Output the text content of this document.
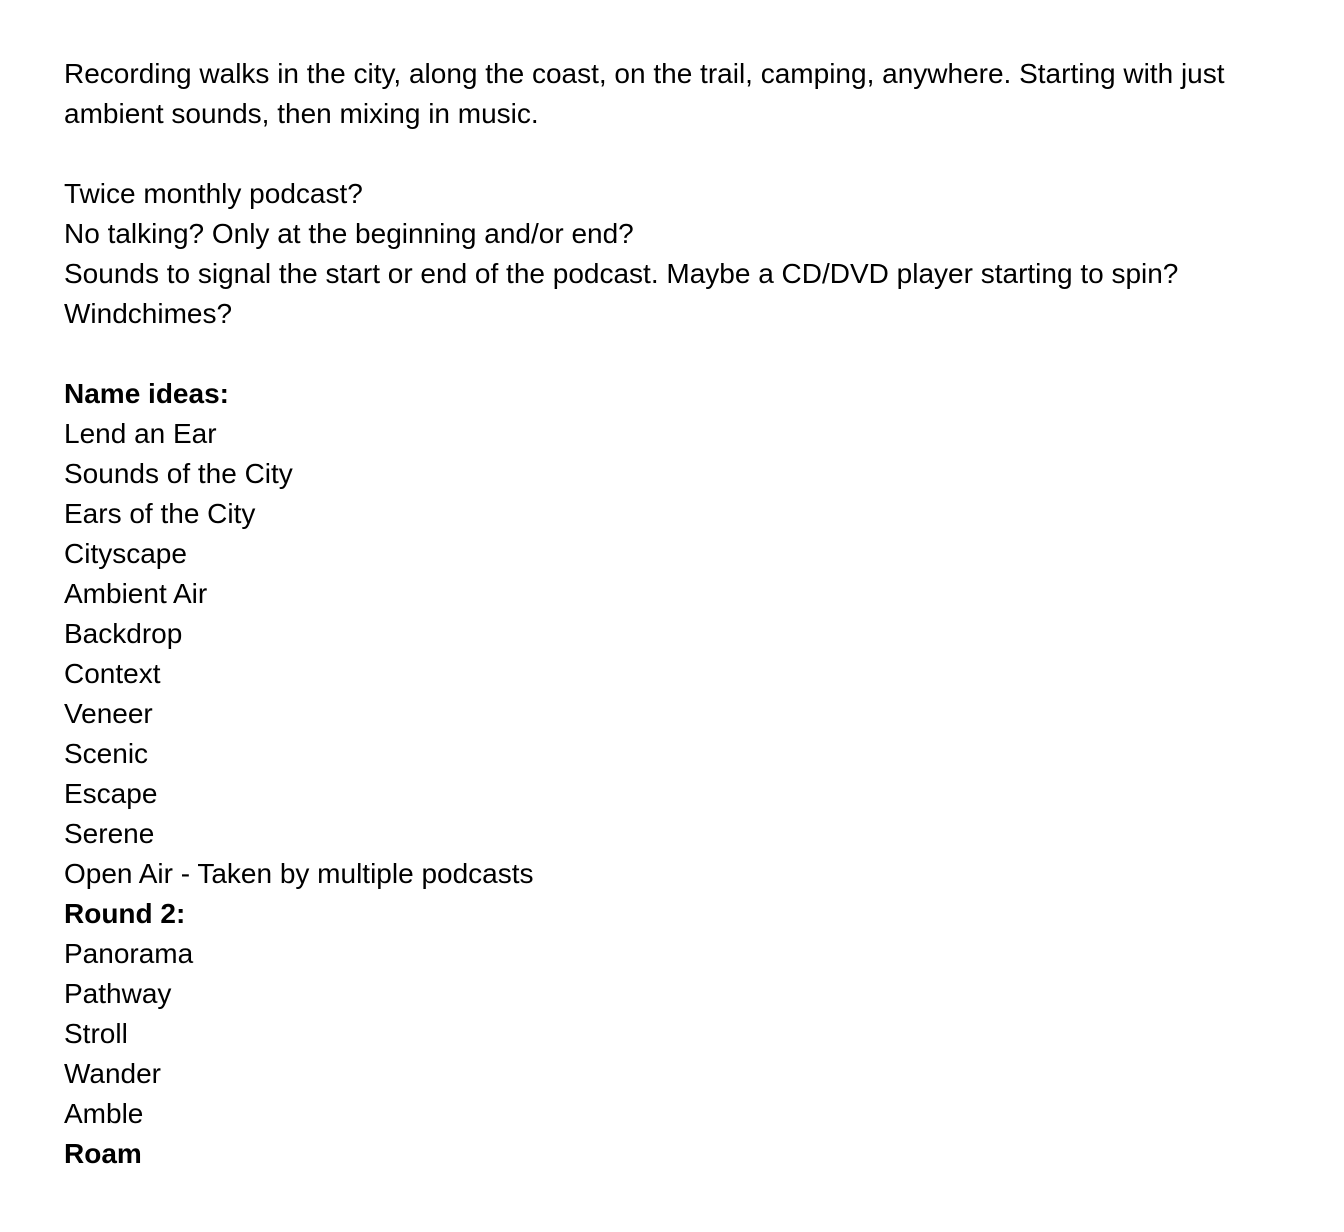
Recording walks in the city, along the coast, on the trail, camping, anywhere. Starting with just
ambient sounds, then mixing in music.
Twice monthly podcast?
No talking? Only at the beginning and/or end?
Sounds to signal the start or end of the podcast. Maybe a CD/DVD player starting to spin?
Windchimes?
Name ideas:
Lend an Ear
Sounds of the City
Ears of the City
Cityscape
Ambient Air
Backdrop
Context
Veneer
Scenic
Escape
Serene
Open Air - Taken by multiple podcasts
Round 2:
Panorama
Pathway
Stroll
Wander
Amble
Roam
